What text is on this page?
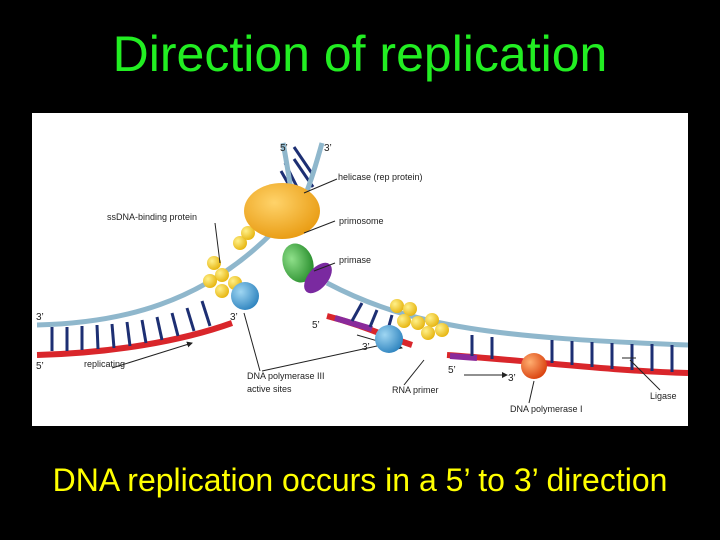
Direction of replication
helicase (rep protein)
ssDNA-binding protein	primosome
primase
replicating
DNA polymerase III
active sites	RNA primer
DNA polymerase I
Ligase
5’	3’
3’
5’
3’
5’
3’
5’
3’

DNA replication occurs in a 5’ to 3’ direction
